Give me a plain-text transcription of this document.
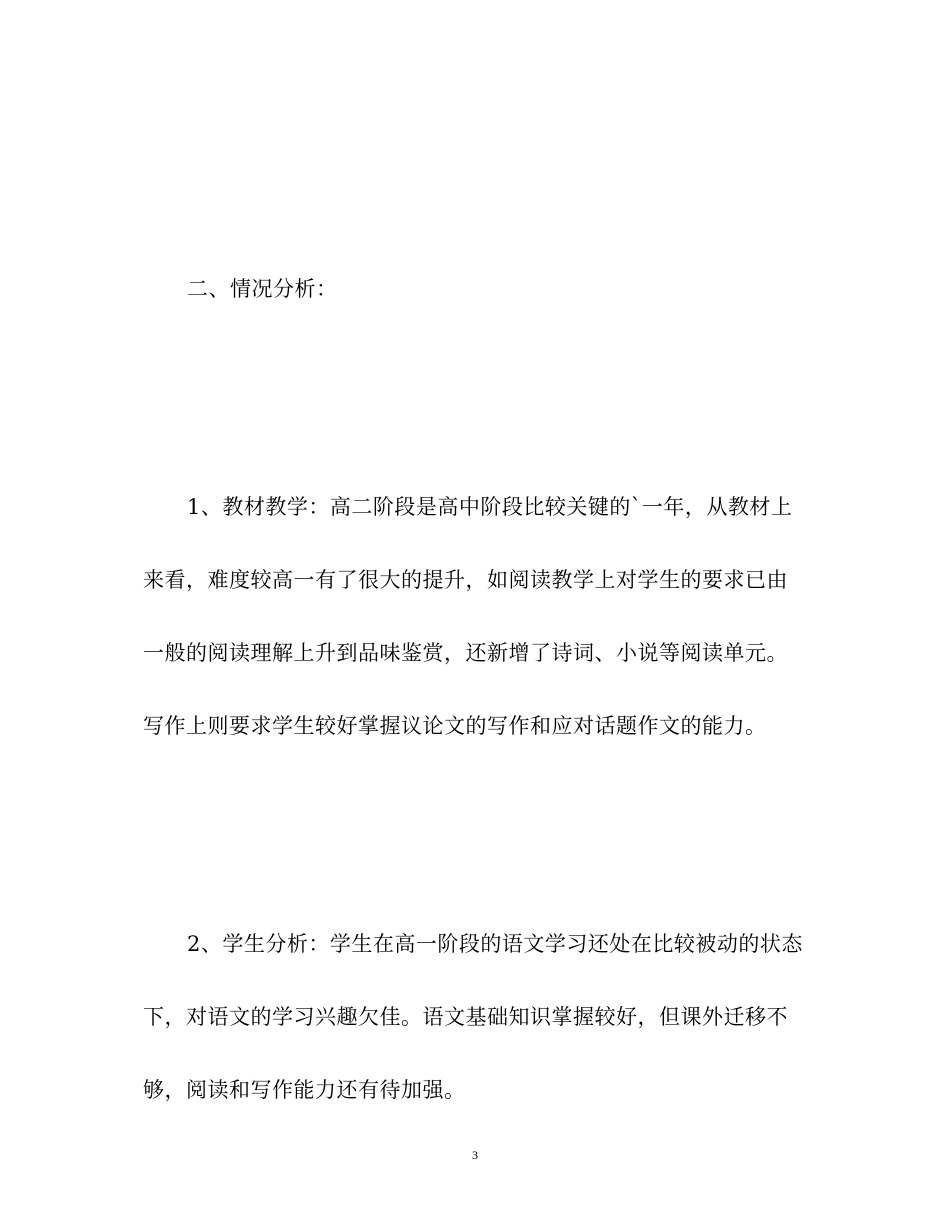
二、情况分析：
1、教材教学：高二阶段是高中阶段比较关键的`一年，从教材上
来看，难度较高一有了很大的提升，如阅读教学上对学生的要求已由
一般的阅读理解上升到品味鉴赏，还新增了诗词、小说等阅读单元。
写作上则要求学生较好掌握议论文的写作和应对话题作文的能力。
2、学生分析：学生在高一阶段的语文学习还处在比较被动的状态
下，对语文的学习兴趣欠佳。语文基础知识掌握较好，但课外迁移不
够，阅读和写作能力还有待加强。
3
